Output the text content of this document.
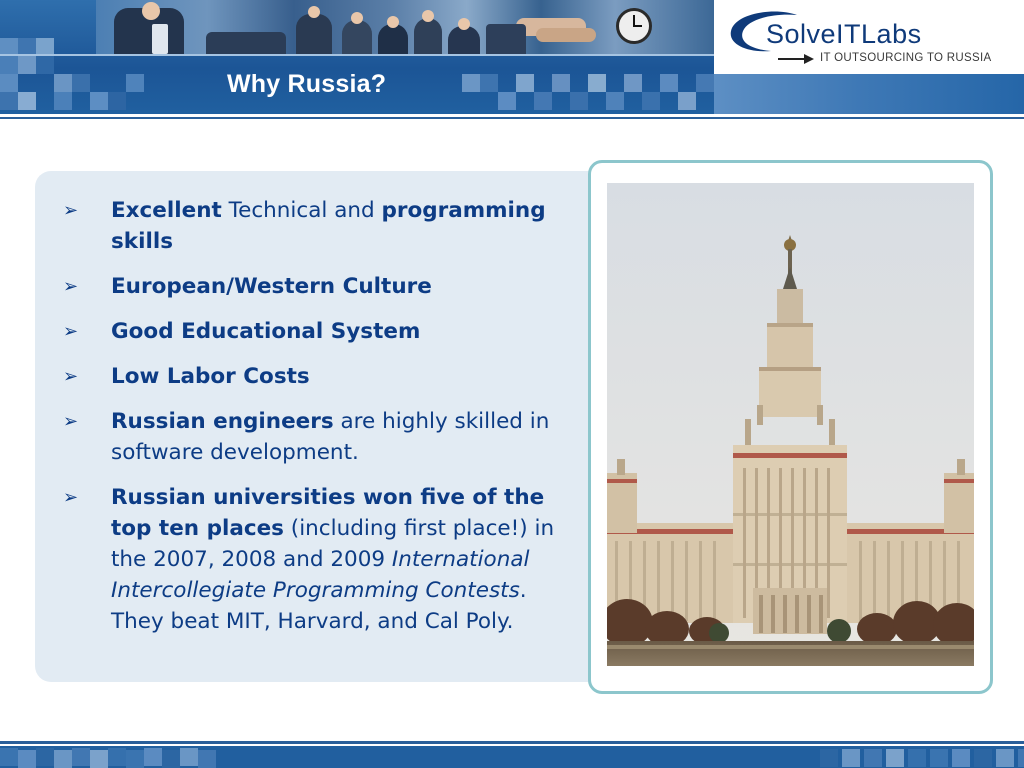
Why Russia?
SolveITLabs
IT OUTSOURCING TO RUSSIA
➢ Excellent Technical and programming skills
➢ European/Western Culture
➢ Good Educational System
➢ Low Labor Costs
➢ Russian engineers are highly skilled in software development.
➢ Russian universities won five of the top ten places (including first place!) in the 2007, 2008 and 2009 International Intercollegiate Programming Contests. They beat MIT, Harvard, and Cal Poly.
